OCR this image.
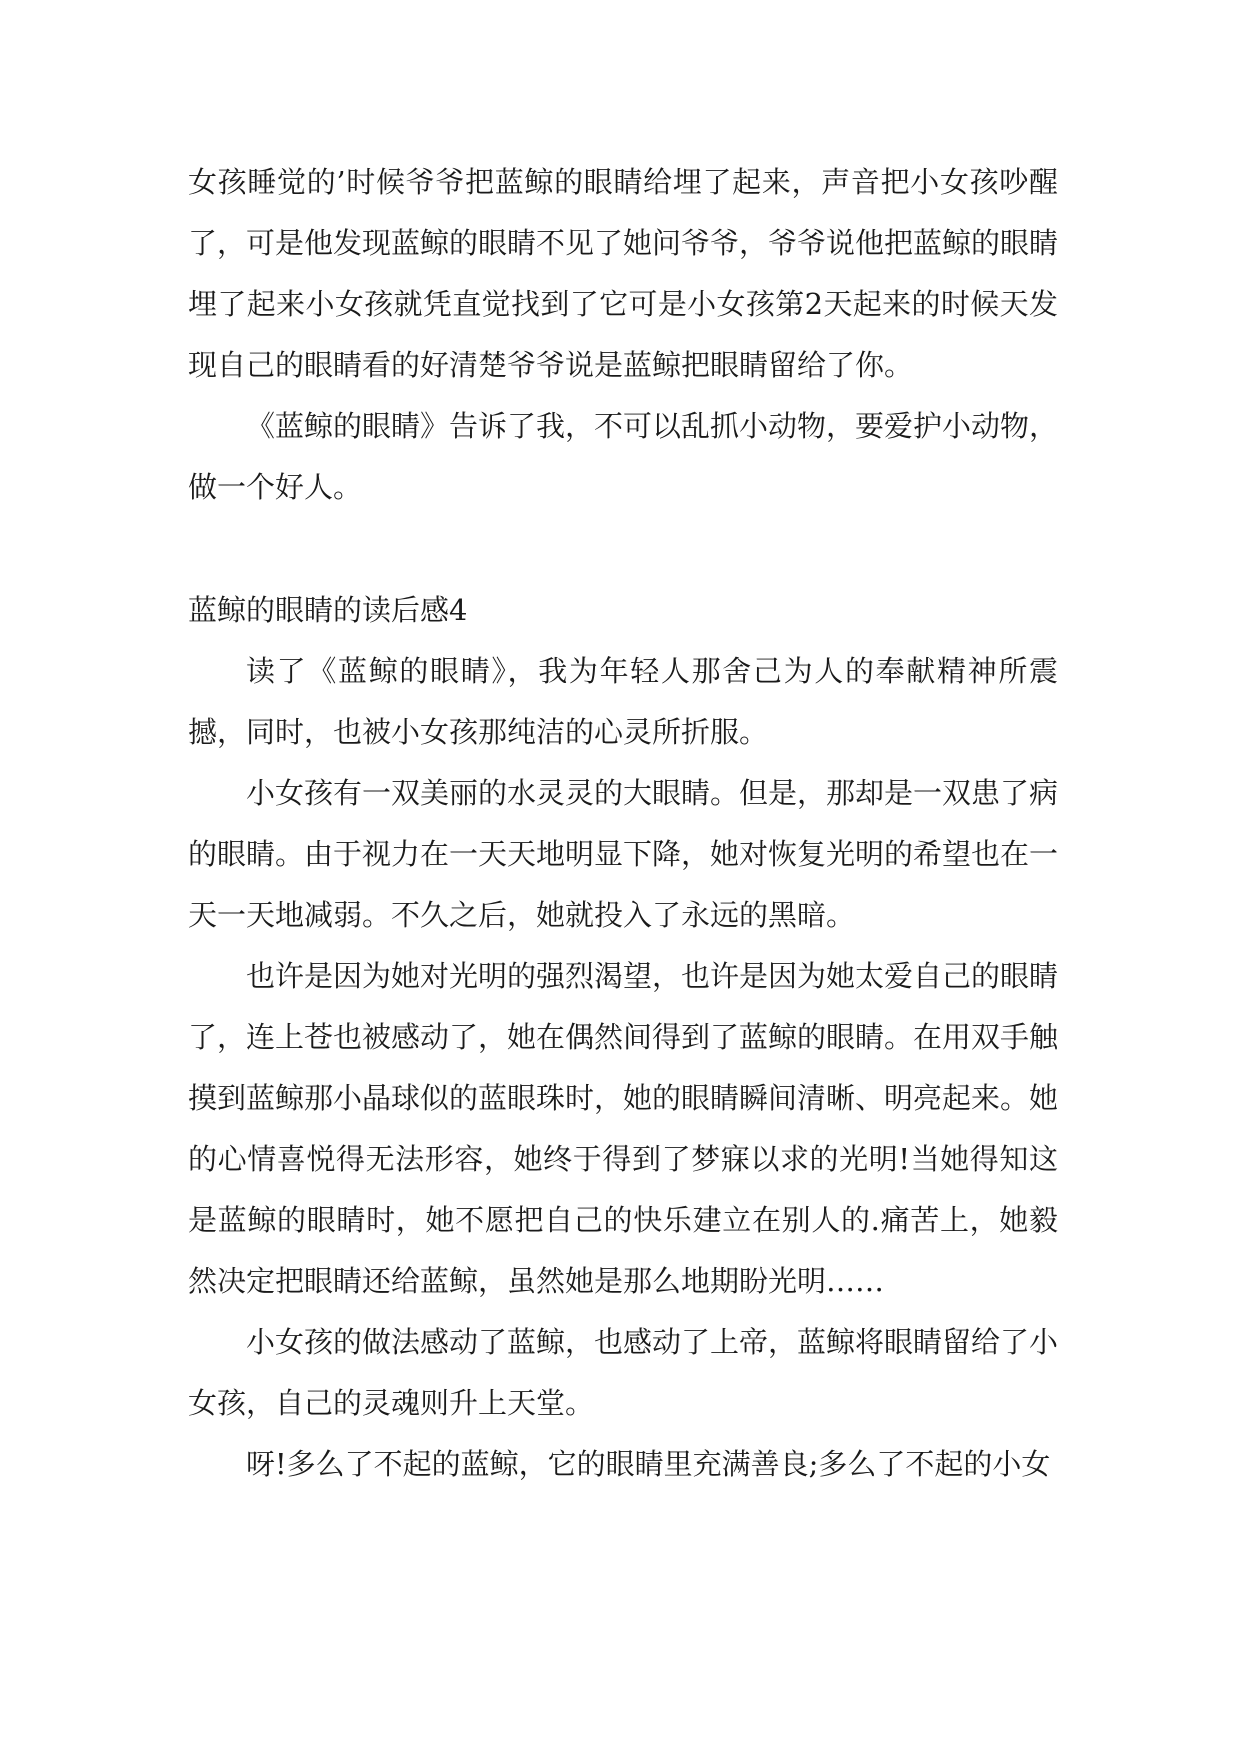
女孩睡觉的’时候爷爷把蓝鲸的眼睛给埋了起来，声音把小女孩吵醒了，可是他发现蓝鲸的眼睛不见了她问爷爷，爷爷说他把蓝鲸的眼睛埋了起来小女孩就凭直觉找到了它可是小女孩第2天起来的时候天发现自己的眼睛看的好清楚爷爷说是蓝鲸把眼睛留给了你。

《蓝鲸的眼睛》告诉了我，不可以乱抓小动物，要爱护小动物，做一个好人。

蓝鲸的眼睛的读后感4

读了《蓝鲸的眼睛》，我为年轻人那舍己为人的奉献精神所震撼，同时，也被小女孩那纯洁的心灵所折服。

小女孩有一双美丽的水灵灵的大眼睛。但是，那却是一双患了病的眼睛。由于视力在一天天地明显下降，她对恢复光明的希望也在一天一天地减弱。不久之后，她就投入了永远的黑暗。

也许是因为她对光明的强烈渴望，也许是因为她太爱自己的眼睛了，连上苍也被感动了，她在偶然间得到了蓝鲸的眼睛。在用双手触摸到蓝鲸那小晶球似的蓝眼珠时，她的眼睛瞬间清晰、明亮起来。她的心情喜悦得无法形容，她终于得到了梦寐以求的光明!当她得知这是蓝鲸的眼睛时，她不愿把自己的快乐建立在别人的.痛苦上，她毅然决定把眼睛还给蓝鲸，虽然她是那么地期盼光明……

小女孩的做法感动了蓝鲸，也感动了上帝，蓝鲸将眼睛留给了小女孩，自己的灵魂则升上天堂。

呀!多么了不起的蓝鲸，它的眼睛里充满善良;多么了不起的小女
